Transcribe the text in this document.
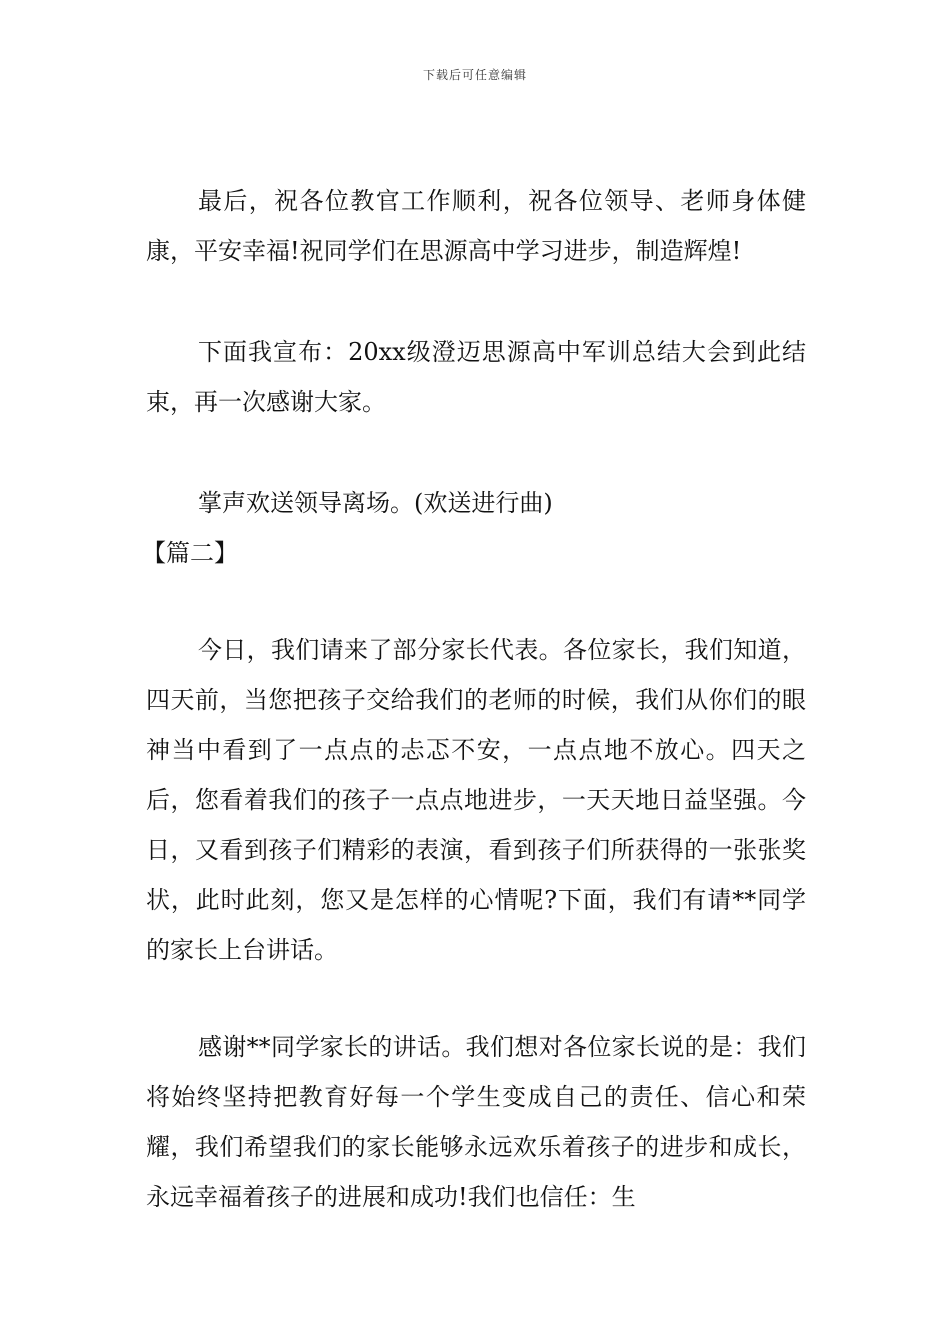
下载后可任意编辑

最后，祝各位教官工作顺利，祝各位领导、老师身体健康，平安幸福!祝同学们在思源高中学习进步，制造辉煌!

下面我宣布：20xx级澄迈思源高中军训总结大会到此结束，再一次感谢大家。

掌声欢送领导离场。(欢送进行曲)

【篇二】

今日，我们请来了部分家长代表。各位家长，我们知道，四天前，当您把孩子交给我们的老师的时候，我们从你们的眼神当中看到了一点点的忐忑不安，一点点地不放心。四天之后，您看着我们的孩子一点点地进步，一天天地日益坚强。今日，又看到孩子们精彩的表演，看到孩子们所获得的一张张奖状，此时此刻，您又是怎样的心情呢?下面，我们有请**同学的家长上台讲话。

感谢**同学家长的讲话。我们想对各位家长说的是：我们将始终坚持把教育好每一个学生变成自己的责任、信心和荣耀，我们希望我们的家长能够永远欢乐着孩子的进步和成长，永远幸福着孩子的进展和成功!我们也信任：生
